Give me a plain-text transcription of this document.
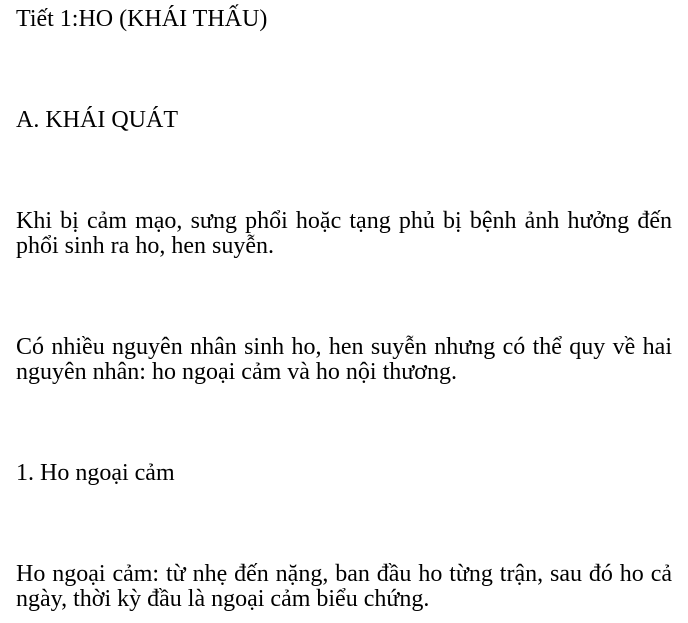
Tiết 1:HO (KHÁI THẤU)
A. KHÁI QUÁT
Khi bị cảm mạo, sưng phổi hoặc tạng phủ bị bệnh ảnh hưởng đến
phổi sinh ra ho, hen suyễn.
Có nhiều nguyên nhân sinh ho, hen suyễn nhưng có thể quy về hai
nguyên nhân: ho ngoại cảm và ho nội thương.
1. Ho ngoại cảm
Ho ngoại cảm: từ nhẹ đến nặng, ban đầu ho từng trận, sau đó ho cả
ngày, thời kỳ đầu là ngoại cảm biểu chứng.
